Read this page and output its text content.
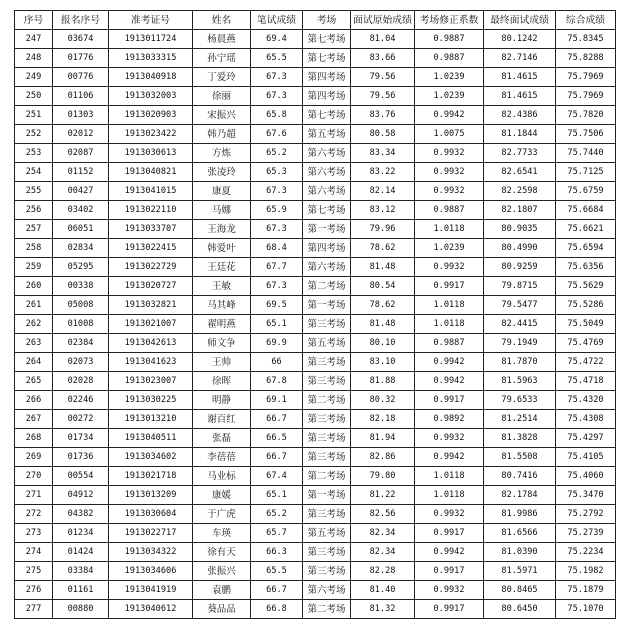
序号	报名序号	准考证号	姓名	笔试成绩	考场	面试原始成绩	考场修正系数	最终面试成绩	综合成绩
247	03674	1913011724	杨晨燕	69.4	第七考场	81.04	0.9887	80.1242	75.8345
248	01776	1913033315	孙宁瑶	65.5	第七考场	83.66	0.9887	82.7146	75.8288
249	00776	1913040918	丁爱玲	67.3	第四考场	79.56	1.0239	81.4615	75.7969
250	01106	1913032003	徐丽	67.3	第四考场	79.56	1.0239	81.4615	75.7969
251	01303	1913020903	宋振兴	65.8	第七考场	83.76	0.9942	82.4386	75.7820
252	02012	1913023422	韩乃超	67.6	第五考场	80.58	1.0075	81.1844	75.7506
253	02087	1913030613	方炼	65.2	第六考场	83.34	0.9932	82.7733	75.7440
254	01152	1913040821	张凌玲	65.3	第六考场	83.22	0.9932	82.6541	75.7125
255	00427	1913041015	康夏	67.3	第六考场	82.14	0.9932	82.2598	75.6759
256	03402	1913022110	马娜	65.9	第七考场	83.12	0.9887	82.1807	75.6684
257	06051	1913033707	王海龙	67.3	第一考场	79.96	1.0118	80.9035	75.6621
258	02834	1913022415	韩爱叶	68.4	第四考场	78.62	1.0239	80.4990	75.6594
259	05295	1913022729	王廷花	67.7	第六考场	81.48	0.9932	80.9259	75.6356
260	00338	1913020727	王敏	67.3	第二考场	80.54	0.9917	79.8715	75.5629
261	05008	1913032821	马其峰	69.5	第一考场	78.62	1.0118	79.5477	75.5286
262	01008	1913021007	翟明燕	65.1	第三考场	81.48	1.0118	82.4415	75.5049
263	02384	1913042613	师文争	69.9	第五考场	80.10	0.9887	79.1949	75.4769
264	02073	1913041623	王帅	66	第三考场	83.10	0.9942	81.7870	75.4722
265	02028	1913023007	徐晖	67.8	第三考场	81.88	0.9942	81.5963	75.4718
266	02246	1913030225	明静	69.1	第二考场	80.32	0.9917	79.6533	75.4320
267	00272	1913013210	谢百红	66.7	第三考场	82.18	0.9892	81.2514	75.4308
268	01734	1913040511	张磊	66.5	第三考场	81.94	0.9932	81.3828	75.4297
269	01736	1913034602	李蓓蓓	66.7	第三考场	82.86	0.9942	81.5508	75.4105
270	00554	1913021718	马业标	67.4	第二考场	79.80	1.0118	80.7416	75.4060
271	04912	1913013209	康媛	65.1	第一考场	81.22	1.0118	82.1784	75.3470
272	04382	1913030604	于广虎	65.2	第三考场	82.56	0.9932	81.9986	75.2792
273	01234	1913022717	车瑛	65.7	第五考场	82.34	0.9917	81.6566	75.2739
274	01424	1913034322	徐有天	66.3	第三考场	82.34	0.9942	81.0390	75.2234
275	03384	1913034606	张振兴	65.5	第三考场	82.28	0.9917	81.5971	75.1982
276	01161	1913041919	袁鹏	66.7	第六考场	81.40	0.9932	80.8465	75.1879
277	00880	1913040612	葵品品	66.8	第二考场	81.32	0.9917	80.6450	75.1070
